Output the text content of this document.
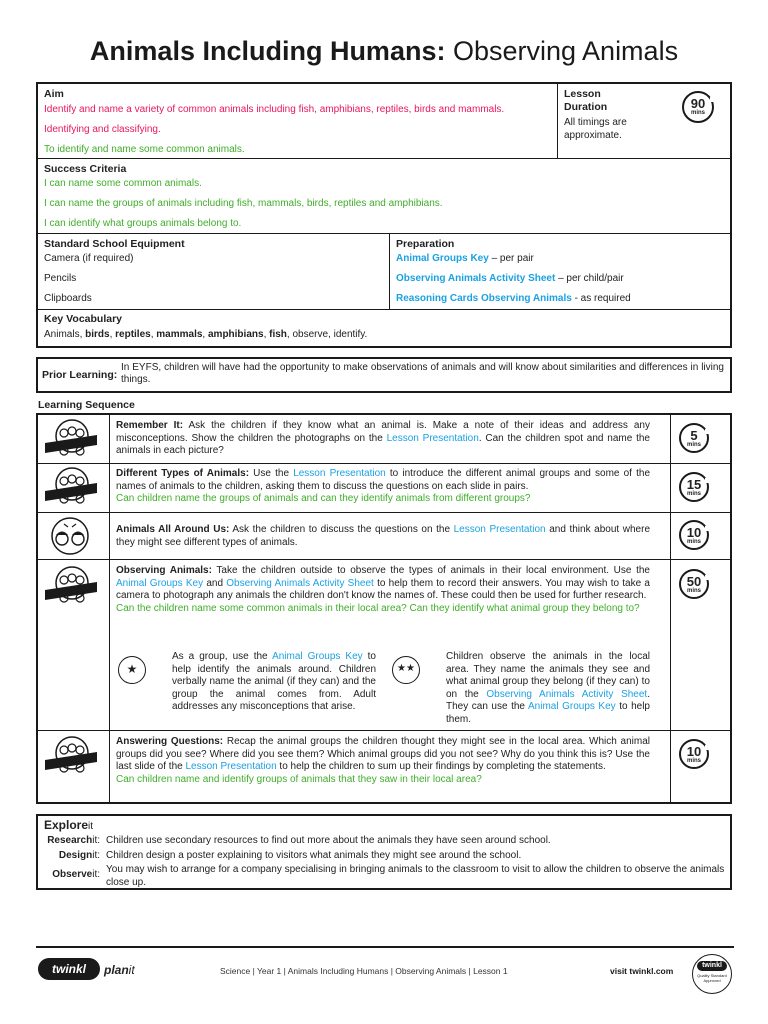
Animals Including Humans: Observing Animals
Aim
Identify and name a variety of common animals including fish, amphibians, reptiles, birds and mammals.
Identifying and classifying.
To identify and name some common animals.
Lesson Duration
All timings are approximate.
90
mins
Success Criteria
I can name some common animals.
I can name the groups of animals including fish, mammals, birds, reptiles and amphibians.
I can identify what groups animals belong to.
Standard School Equipment
Camera (if required)
Pencils
Clipboards
Preparation
Animal Groups Key – per pair
Observing Animals Activity Sheet – per child/pair
Reasoning Cards Observing Animals - as required
Key Vocabulary
Animals, birds, reptiles, mammals, amphibians, fish, observe, identify.
Prior Learning:
In EYFS, children will have had the opportunity to make observations of animals and will know about similarities and differences in living things.
Learning Sequence
Remember It: Ask the children if they know what an animal is. Make a note of their ideas and address any misconceptions. Show the children the photographs on the Lesson Presentation. Can the children spot and name the animals in each picture?
5
mins
Different Types of Animals: Use the Lesson Presentation to introduce the different animal groups and some of the names of animals to the children, asking them to discuss the questions on each slide in pairs.
Can children name the groups of animals and can they identify animals from different groups?
15
mins
Animals All Around Us: Ask the children to discuss the questions on the Lesson Presentation and think about where they might see different types of animals.
10
mins
Observing Animals: Take the children outside to observe the types of animals in their local environment. Use the Animal Groups Key and Observing Animals Activity Sheet to help them to record their answers. You may wish to take a camera to photograph any animals the children don't know the names of. These could then be used for further research.
Can the children name some common animals in their local area? Can they identify what animal group they belong to?
50
mins
★
As a group, use the Animal Groups Key to help identify the animals around. Children verbally name the animal (if they can) and the group the animal comes from. Adult addresses any misconceptions that arise.
★★
Children observe the animals in the local area. They name the animals they see and what animal group they belong (if they can) to on the Observing Animals Activity Sheet. They can use the Animal Groups Key to help them.
Answering Questions: Recap the animal groups the children thought they might see in the local area. Which animal groups did you see? Where did you see them? Which animal groups did you not see? Why do you think this is? Use the last slide of the Lesson Presentation to help the children to sum up their findings by completing the statements.
Can children name and identify groups of animals that they saw in their local area?
10
mins
Exploreit
Researchit: Children use secondary resources to find out more about the animals they have seen around school.
Designit: Children design a poster explaining to visitors what animals they might see around the school.
Observeit: You may wish to arrange for a company specialising in bringing animals to the classroom to visit to allow the children to observe the animals close up.
twinkl	planit	Science | Year 1 | Animals Including Humans | Observing Animals | Lesson 1	visit twinkl.com
twinkl
Quality Standard Approved
